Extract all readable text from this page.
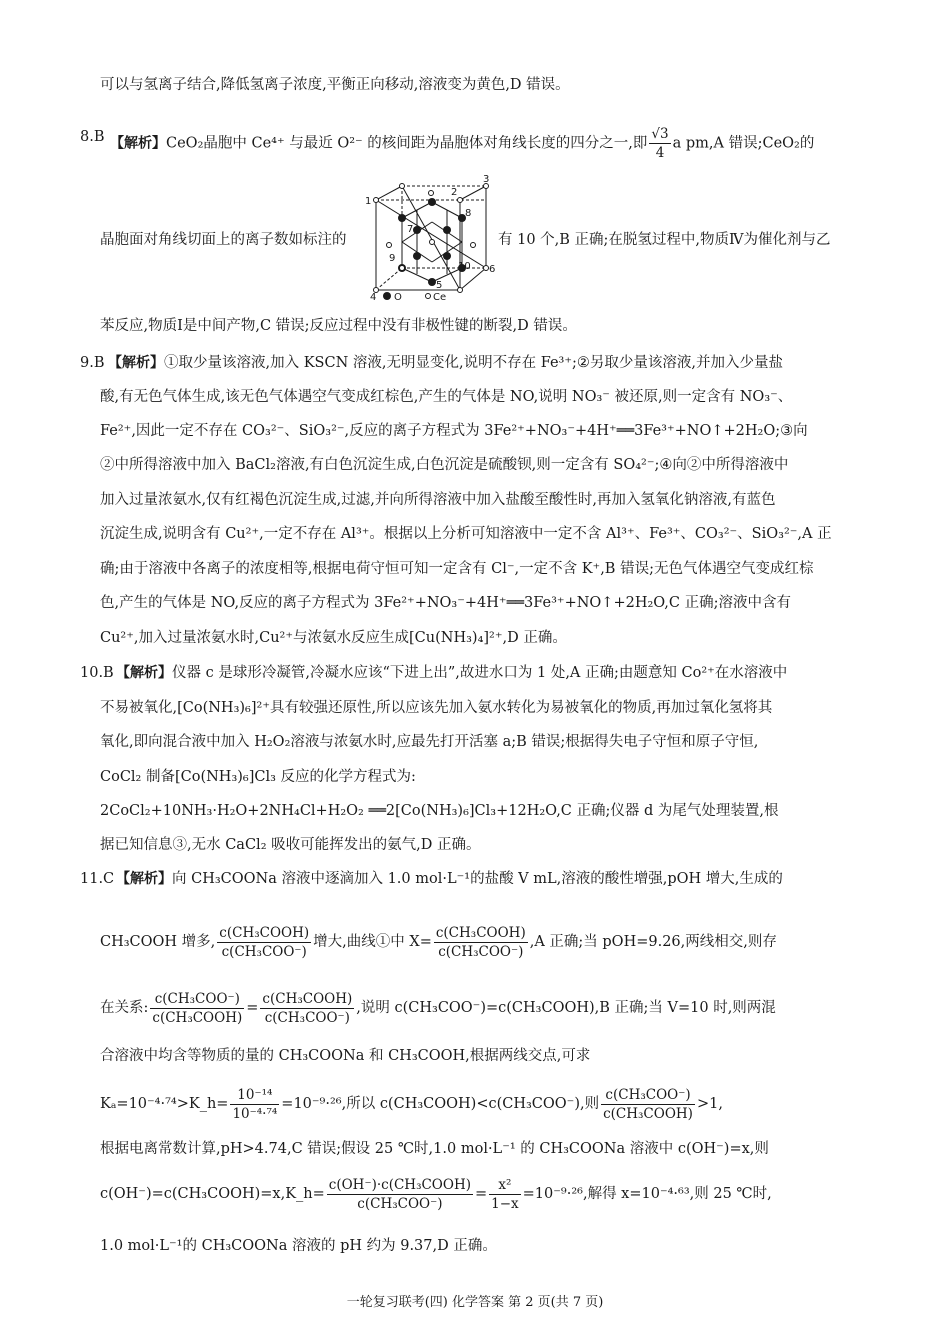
可以与氢离子结合,降低氢离子浓度,平衡正向移动,溶液变为黄色,D 错误。
8.B 【解析】CeO₂晶胞中 Ce⁴⁺ 与最近 O²⁻ 的核间距为晶胞体对角线长度的四分之一,即 $\frac{√3}{4}$ a pm,A 错误;CeO₂的
晶胞面对角线切面上的离子数如标注的
1
2
3
4
5
6
7
8
9
10
O	Ce
有 10 个,B 正确;在脱氢过程中,物质Ⅳ为催化剂与乙
苯反应,物质Ⅰ是中间产物,C 错误;反应过程中没有非极性键的断裂,D 错误。
9.B 【解析】①取少量该溶液,加入 KSCN 溶液,无明显变化,说明不存在 Fe³⁺;②另取少量该溶液,并加入少量盐
酸,有无色气体生成,该无色气体遇空气变成红棕色,产生的气体是 NO,说明 NO₃⁻ 被还原,则一定含有 NO₃⁻、
Fe²⁺,因此一定不存在 CO₃²⁻、SiO₃²⁻,反应的离子方程式为 3Fe²⁺+NO₃⁻+4H⁺══3Fe³⁺+NO↑+2H₂O;③向
②中所得溶液中加入 BaCl₂溶液,有白色沉淀生成,白色沉淀是硫酸钡,则一定含有 SO₄²⁻;④向②中所得溶液中
加入过量浓氨水,仅有红褐色沉淀生成,过滤,并向所得溶液中加入盐酸至酸性时,再加入氢氧化钠溶液,有蓝色
沉淀生成,说明含有 Cu²⁺,一定不存在 Al³⁺。根据以上分析可知溶液中一定不含 Al³⁺、Fe³⁺、CO₃²⁻、SiO₃²⁻,A 正
确;由于溶液中各离子的浓度相等,根据电荷守恒可知一定含有 Cl⁻,一定不含 K⁺,B 错误;无色气体遇空气变成红棕
色,产生的气体是 NO,反应的离子方程式为 3Fe²⁺+NO₃⁻+4H⁺══3Fe³⁺+NO↑+2H₂O,C 正确;溶液中含有
Cu²⁺,加入过量浓氨水时,Cu²⁺与浓氨水反应生成[Cu(NH₃)₄]²⁺,D 正确。
10.B 【解析】仪器 c 是球形冷凝管,冷凝水应该“下进上出”,故进水口为 1 处,A 正确;由题意知 Co²⁺在水溶液中
不易被氧化,[Co(NH₃)₆]²⁺具有较强还原性,所以应该先加入氨水转化为易被氧化的物质,再加过氧化氢将其
氧化,即向混合液中加入 H₂O₂溶液与浓氨水时,应最先打开活塞 a;B 错误;根据得失电子守恒和原子守恒,
CoCl₂ 制备[Co(NH₃)₆]Cl₃ 反应的化学方程式为:
2CoCl₂+10NH₃·H₂O+2NH₄Cl+H₂O₂ ══2[Co(NH₃)₆]Cl₃+12H₂O,C 正确;仪器 d 为尾气处理装置,根
据已知信息③,无水 CaCl₂ 吸收可能挥发出的氨气,D 正确。
11.C 【解析】向 CH₃COONa 溶液中逐滴加入 1.0 mol·L⁻¹的盐酸 V mL,溶液的酸性增强,pOH 增大,生成的
CH₃COOH 增多, $\frac{\text{c(CH₃COOH)}}{\text{c(CH₃COO⁻)}}$ 增大,曲线①中 $X= \frac{\text{c(CH₃COOH)}}{\text{c(CH₃COO⁻)}} ,A$ 正确;当 pOH=9.26,两线相交,则存
在关系: $\frac{\text{c(CH₃COO⁻)}}{\text{c(CH₃COOH)}} = \frac{\text{c(CH₃COOH)}}{\text{c(CH₃COO⁻)}}$ ,说明 c(CH₃COO⁻)=c(CH₃COOH),B 正确;当 V=10 时,则两混
合溶液中均含等物质的量的 CH₃COONa 和 CH₃COOH,根据两线交点,可求
Kₐ=10⁻⁴·⁷⁴>K_h= $\frac{\text{10⁻¹⁴}}{\text{10⁻⁴·⁷⁴}} =10^{-9}\cdot^{26}$,所以 c(CH₃COOH)<c(CH₃COO⁻),则 $\frac{\text{c(CH₃COO⁻)}}{\text{c(CH₃COOH)}} >1$,
根据电离常数计算,pH>4.74,C 错误;假设 25 ℃时,1.0 mol·L⁻¹ 的 CH₃COONa 溶液中 c(OH⁻)=x,则
c(OH⁻)=c(CH₃COOH)=x,K_h= $\frac{\text{c(OH⁻)·c(CH₃COOH)}}{\text{c(CH₃COO⁻)}} = \frac{\text{x²}}{1-x} =10^{-9}\cdot^{26}$,解得 x=10⁻⁴·⁶³,则 25 ℃时,
1.0 mol·L⁻¹的 CH₃COONa 溶液的 pH 约为 9.37,D 正确。
一轮复习联考(四) 化学答案 第 2 页(共 7 页)
